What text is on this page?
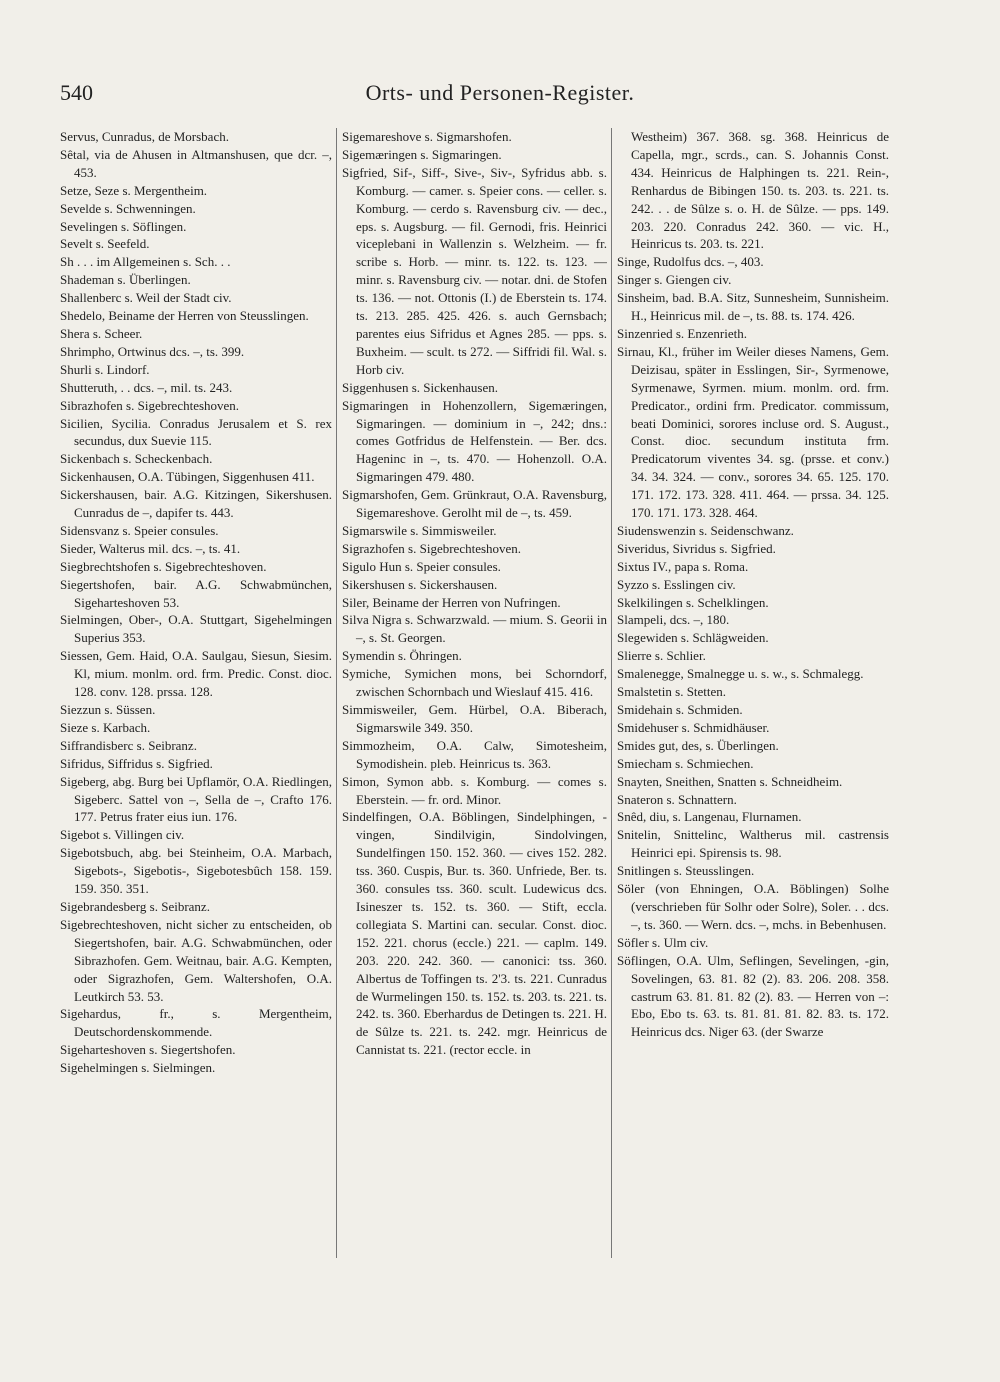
540	Orts- und Personen-Register.

Servus, Cunradus, de Morsbach.

Sêtal, via de Ahusen in Altmanshusen, que dcr. –, 453.

Setze, Seze s. Mergentheim.

Sevelde s. Schwenningen.

Sevelingen s. Söflingen.

Sevelt s. Seefeld.

Sh . . . im Allgemeinen s. Sch. . .

Shademan s. Überlingen.

Shallenberc s. Weil der Stadt civ.

Shedelo, Beiname der Herren von Steusslingen.

Shera s. Scheer.

Shrimpho, Ortwinus dcs. –, ts. 399.

Shurli s. Lindorf.

Shutteruth, . . dcs. –, mil. ts. 243.

Sibrazhofen s. Sigebrechteshoven.

Sicilien, Sycilia. Conradus Jerusalem et S. rex secundus, dux Suevie 115.

Sickenbach s. Scheckenbach.

Sickenhausen, O.A. Tübingen, Siggenhusen 411.

Sickershausen, bair. A.G. Kitzingen, Sikershusen. Cunradus de –, dapifer ts. 443.

Sidensvanz s. Speier consules.

Sieder, Walterus mil. dcs. –, ts. 41.

Siegbrechtshofen s. Sigebrechteshoven.

Siegertshofen, bair. A.G. Schwabmünchen, Sigeharteshoven 53.

Sielmingen, Ober-, O.A. Stuttgart, Sigehelmingen Superius 353.

Siessen, Gem. Haid, O.A. Saulgau, Siesun, Siesim. Kl, mium. monlm. ord. frm. Predic. Const. dioc. 128. conv. 128. prssa. 128.

Siezzun s. Süssen.

Sieze s. Karbach.

Siffrandisberc s. Seibranz.

Sifridus, Siffridus s. Sigfried.

Sigeberg, abg. Burg bei Upflamör, O.A. Riedlingen, Sigeberc. Sattel von –, Sella de –, Crafto 176. 177. Petrus frater eius iun. 176.

Sigebot s. Villingen civ.

Sigebotsbuch, abg. bei Steinheim, O.A. Marbach, Sigebots-, Sigebotis-, Sigebotesbûch 158. 159. 159. 350. 351.

Sigebrandesberg s. Seibranz.

Sigebrechteshoven, nicht sicher zu entscheiden, ob Siegertshofen, bair. A.G. Schwabmünchen, oder Sibrazhofen. Gem. Weitnau, bair. A.G. Kempten, oder Sigrazhofen, Gem. Waltershofen, O.A. Leutkirch 53. 53.

Sigehardus, fr., s. Mergentheim, Deutschordenskommende.

Sigeharteshoven s. Siegertshofen.

Sigehelmingen s. Sielmingen.

Sigemareshove s. Sigmarshofen.

Sigemæringen s. Sigmaringen.

Sigfried, Sif-, Siff-, Sive-, Siv-, Syfridus abb. s. Komburg. — camer. s. Speier cons. — celler. s. Komburg. — cerdo s. Ravensburg civ. — dec., eps. s. Augsburg. — fil. Gernodi, fris. Heinrici viceplebani in Wallenzin s. Welzheim. — fr. scribe s. Horb. — minr. ts. 122. ts. 123. — minr. s. Ravensburg civ. — notar. dni. de Stofen ts. 136. — not. Ottonis (I.) de Eberstein ts. 174. ts. 213. 285. 425. 426. s. auch Gernsbach; parentes eius Sifridus et Agnes 285. — pps. s. Buxheim. — scult. ts 272. — Siffridi fil. Wal. s. Horb civ.

Siggenhusen s. Sickenhausen.

Sigmaringen in Hohenzollern, Sigemæringen, Sigmaringen. — dominium in –, 242; dns.: comes Gotfridus de Helfenstein. — Ber. dcs. Hageninc in –, ts. 470. — Hohenzoll. O.A. Sigmaringen 479. 480.

Sigmarshofen, Gem. Grünkraut, O.A. Ravensburg, Sigemareshove. Gerolht mil de –, ts. 459.

Sigmarswile s. Simmisweiler.

Sigrazhofen s. Sigebrechteshoven.

Sigulo Hun s. Speier consules.

Sikershusen s. Sickershausen.

Siler, Beiname der Herren von Nufringen.

Silva Nigra s. Schwarzwald. — mium. S. Georii in –, s. St. Georgen.

Symendin s. Öhringen.

Symiche, Symichen mons, bei Schorndorf, zwischen Schornbach und Wieslauf 415. 416.

Simmisweiler, Gem. Hürbel, O.A. Biberach, Sigmarswile 349. 350.

Simmozheim, O.A. Calw, Simotesheim, Symodishein. pleb. Heinricus ts. 363.

Simon, Symon abb. s. Komburg. — comes s. Eberstein. — fr. ord. Minor.

Sindelfingen, O.A. Böblingen, Sindelphingen, -vingen, Sindilvigin, Sindolvingen, Sundelfingen 150. 152. 360. — cives 152. 282. tss. 360. Cuspis, Bur. ts. 360. Unfriede, Ber. ts. 360. consules tss. 360. scult. Ludewicus dcs. Isineszer ts. 152. ts. 360. — Stift, eccla. collegiata S. Martini can. secular. Const. dioc. 152. 221. chorus (eccle.) 221. — caplm. 149. 203. 220. 242. 360. — canonici: tss. 360. Albertus de Toffingen ts. 2'3. ts. 221. Cunradus de Wurmelingen 150. ts. 152. ts. 203. ts. 221. ts. 242. ts. 360. Eberhardus de Detingen ts. 221. H. de Sûlze ts. 221. ts. 242. mgr. Heinricus de Cannistat ts. 221. (rector eccle. in

Westheim) 367. 368. sg. 368. Heinricus de Capella, mgr., scrds., can. S. Johannis Const. 434. Heinricus de Halphingen ts. 221. Rein-, Renhardus de Bibingen 150. ts. 203. ts. 221. ts. 242. . . de Sûlze s. o. H. de Sûlze. — pps. 149. 203. 220. Conradus 242. 360. — vic. H., Heinricus ts. 203. ts. 221.

Singe, Rudolfus dcs. –, 403.

Singer s. Giengen civ.

Sinsheim, bad. B.A. Sitz, Sunnesheim, Sunnisheim. H., Heinricus mil. de –, ts. 88. ts. 174. 426.

Sinzenried s. Enzenrieth.

Sirnau, Kl., früher im Weiler dieses Namens, Gem. Deizisau, später in Esslingen, Sir-, Syrmenowe, Syrmenawe, Syrmen. mium. monlm. ord. frm. Predicator., ordini frm. Predicator. commissum, beati Dominici, sorores incluse ord. S. August., Const. dioc. secundum instituta frm. Predicatorum viventes 34. sg. (prsse. et conv.) 34. 34. 324. — conv., sorores 34. 65. 125. 170. 171. 172. 173. 328. 411. 464. — prssa. 34. 125. 170. 171. 173. 328. 464.

Siudenswenzin s. Seidenschwanz.

Siveridus, Sivridus s. Sigfried.

Sixtus IV., papa s. Roma.

Syzzo s. Esslingen civ.

Skelkilingen s. Schelklingen.

Slampeli, dcs. –, 180.

Slegewiden s. Schlägweiden.

Slierre s. Schlier.

Smalenegge, Smalnegge u. s. w., s. Schmalegg.

Smalstetin s. Stetten.

Smidehain s. Schmiden.

Smidehuser s. Schmidhäuser.

Smides gut, des, s. Überlingen.

Smiecham s. Schmiechen.

Snayten, Sneithen, Snatten s. Schneidheim.

Snateron s. Schnattern.

Snêd, diu, s. Langenau, Flurnamen.

Snitelin, Snittelinc, Waltherus mil. castrensis Heinrici epi. Spirensis ts. 98.

Snitlingen s. Steusslingen.

Söler (von Ehningen, O.A. Böblingen) Solhe (verschrieben für Solhr oder Solre), Soler. . . dcs. –, ts. 360. — Wern. dcs. –, mchs. in Bebenhusen.

Söfler s. Ulm civ.

Söflingen, O.A. Ulm, Seflingen, Sevelingen, -gin, Sovelingen, 63. 81. 82 (2). 83. 206. 208. 358. castrum 63. 81. 81. 82 (2). 83. — Herren von –: Ebo, Ebo ts. 63. ts. 81. 81. 81. 82. 83. ts. 172. Heinricus dcs. Niger 63. (der Swarze
